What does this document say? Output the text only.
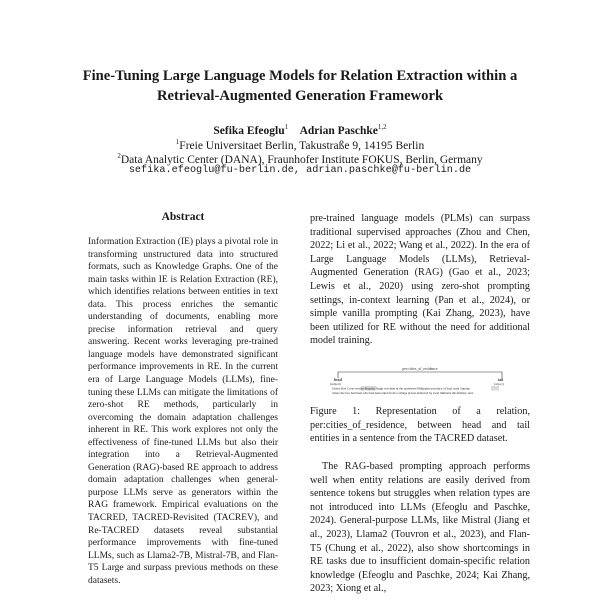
Fine-Tuning Large Language Models for Relation Extraction within a
Retrieval-Augmented Generation Framework
Sefika Efeoglu$^1$ Adrian Paschke$^{1,2}$
$^1$Freie Universitaet Berlin, Takustraße 9, 14195 Berlin
$^2$Data Analytic Center (DANA), Fraunhofer Institute FOKUS, Berlin, Germany
sefika.efeoglu@fu-berlin.de, adrian.paschke@fu-berlin.de
Abstract
Information Extraction (IE) plays a pivotal role in transforming unstructured data into structured formats, such as Knowledge Graphs. One of the main tasks within IE is Relation Extraction (RE), which identifies relations between entities in text data. This process enriches the semantic understanding of documents, enabling more precise information retrieval and query answering. Recent works leveraging pre-trained language models have demonstrated significant performance improvements in RE. In the current era of Large Language Models (LLMs), fine-tuning these LLMs can mitigate the limitations of zero-shot RE methods, particularly in overcoming the domain adaptation challenges inherent in RE. This work explores not only the effectiveness of fine-tuned LLMs but also their integration into a Retrieval-Augmented Generation (RAG)-based RE approach to address domain adaptation challenges when general-purpose LLMs serve as generators within the RAG framework. Empirical evaluations on the TACRED, TACRED-Revisited (TACREV), and Re-TACRED datasets reveal substantial performance improvements with fine-tuned LLMs, such as Llama2-7B, Mistral-7B, and Flan-T5 Large and surpass previous methods on these datasets.
pre-trained language models (PLMs) can surpass traditional supervised approaches (Zhou and Chen, 2022; Li et al., 2022; Wang et al., 2022). In the era of Large Language Models (LLMs), Retrieval-Augmented Generation (RAG) (Gao et al., 2023; Lewis et al., 2020) using zero-shot prompting settings, in-context learning (Pan et al., 2024), or simple vanilla prompting (Kai Zhang, 2023), have been utilized for RE without the need for additional model training.
per:cities_of_residence
head
(subject)
tail
(object)
Ghaba Red Cross worker Bogdan Singh was then in the northwest Philippine province of Sual early Sunday,
where the two had been who had been taken from a village prison abducted by local militants the military said.
Figure 1: Representation of a relation, per:cities_of_residence, between head and tail entities in a sentence from the TACRED dataset.
The RAG-based prompting approach performs well when entity relations are easily derived from sentence tokens but struggles when relation types are not introduced into LLMs (Efeoglu and Paschke, 2024). General-purpose LLMs, like Mistral (Jiang et al., 2023), Llama2 (Touvron et al., 2023), and Flan-T5 (Chung et al., 2022), also show shortcomings in RE tasks due to insufficient domain-specific relation knowledge (Efeoglu and Paschke, 2024; Kai Zhang, 2023; Xiong et al.,
